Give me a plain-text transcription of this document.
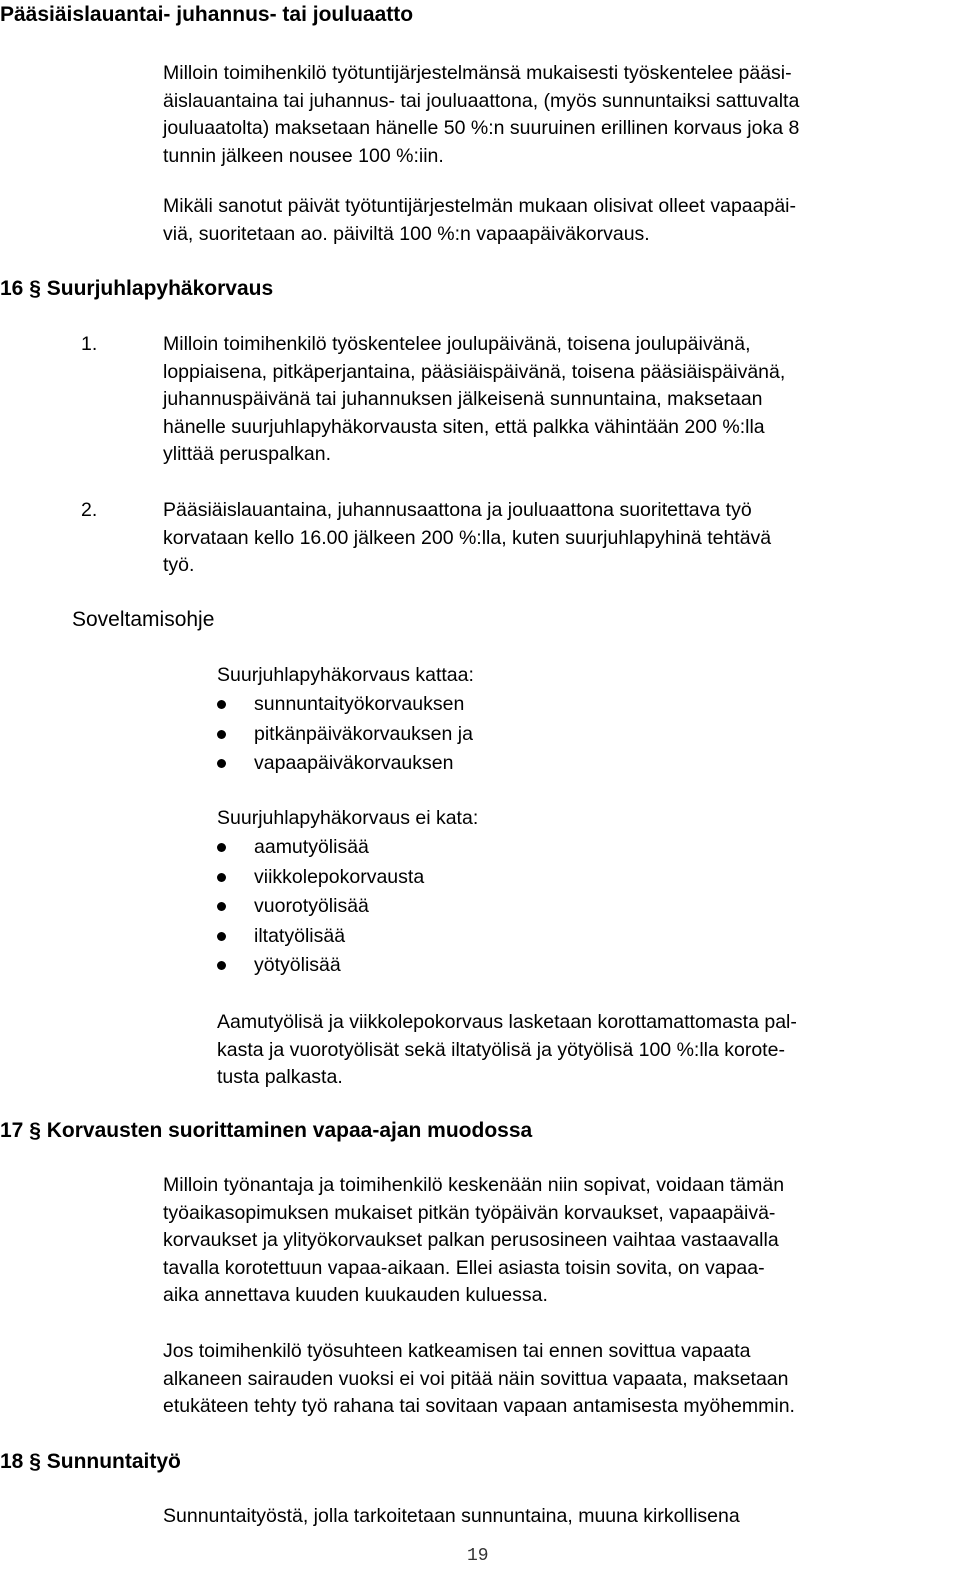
Pääsiäislauantai- juhannus- tai jouluaatto
Milloin toimihenkilö työtuntijärjestelmänsä mukaisesti työskentelee pääsi-
äislauantaina tai juhannus- tai jouluaattona, (myös sunnuntaiksi sattuvalta
jouluaatolta) maksetaan hänelle 50 %:n suuruinen erillinen korvaus joka 8
tunnin jälkeen nousee 100 %:iin.
Mikäli sanotut päivät työtuntijärjestelmän mukaan olisivat olleet vapaapäi-
viä, suoritetaan ao. päiviltä 100 %:n vapaapäiväkorvaus.
16 § Suurjuhlapyhäkorvaus
1.	Milloin toimihenkilö työskentelee joulupäivänä, toisena joulupäivänä,
loppiaisena, pitkäperjantaina, pääsiäispäivänä, toisena pääsiäispäivänä,
juhannuspäivänä tai juhannuksen jälkeisenä sunnuntaina, maksetaan
hänelle suurjuhlapyhäkorvausta siten, että palkka vähintään 200 %:lla
ylittää peruspalkan.
2.	Pääsiäislauantaina, juhannusaattona ja jouluaattona suoritettava työ
korvataan kello 16.00 jälkeen 200 %:lla, kuten suurjuhlapyhinä tehtävä
työ.
Soveltamisohje
Suurjuhlapyhäkorvaus kattaa:
sunnuntaityökorvauksen
pitkänpäiväkorvauksen ja
vapaapäiväkorvauksen
Suurjuhlapyhäkorvaus ei kata:
aamutyölisää
viikkolepokorvausta
vuorotyölisää
iltatyölisää
yötyölisää
Aamutyölisä ja viikkolepokorvaus lasketaan korottamattomasta pal-
kasta ja vuorotyölisät sekä iltatyölisä ja yötyölisä 100 %:lla korote-
tusta palkasta.
17 § Korvausten suorittaminen vapaa-ajan muodossa
Milloin työnantaja ja toimihenkilö keskenään niin sopivat, voidaan tämän
työaikasopimuksen mukaiset pitkän työpäivän korvaukset, vapaapäivä-
korvaukset ja ylityökorvaukset palkan perusosineen vaihtaa vastaavalla
tavalla korotettuun vapaa-aikaan. Ellei asiasta toisin sovita, on vapaa-
aika annettava kuuden kuukauden kuluessa.
Jos toimihenkilö työsuhteen katkeamisen tai ennen sovittua vapaata
alkaneen sairauden vuoksi ei voi pitää näin sovittua vapaata, maksetaan
etukäteen tehty työ rahana tai sovitaan vapaan antamisesta myöhemmin.
18 § Sunnuntaityö
Sunnuntaityöstä, jolla tarkoitetaan sunnuntaina, muuna kirkollisena
19
